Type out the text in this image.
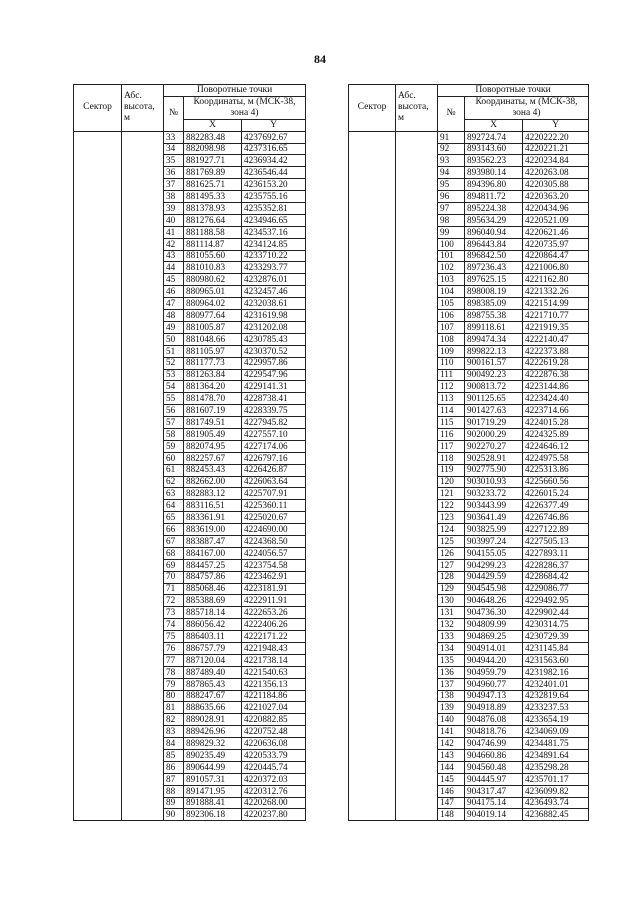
84
Сектор	Абс. высота, м	Поворотные точки		
		№	Координаты, м (МСК-38, зона 4)	
			X	Y
		33	882283.48	4237692.67
		34	882098.98	4237316.65
		35	881927.71	4236934.42
		36	881769.89	4236546.44
		37	881625.71	4236153.20
		38	881495.33	4235755.16
		39	881378.93	4235352.81
		40	881276.64	4234946.65
		41	881188.58	4234537.16
		42	881114.87	4234124.85
		43	881055.60	4233710.22
		44	881010.83	4233293.77
		45	880980.62	4232876.01
		46	880965.01	4232457.46
		47	880964.02	4232038.61
		48	880977.64	4231619.98
		49	881005.87	4231202.08
		50	881048.66	4230785.43
		51	881105.97	4230370.52
		52	881177.73	4229957.86
		53	881263.84	4229547.96
		54	881364.20	4229141.31
		55	881478.70	4228738.41
		56	881607.19	4228339.75
		57	881749.51	4227945.82
		58	881905.49	4227557.10
		59	882074.95	4227174.06
		60	882257.67	4226797.16
		61	882453.43	4226426.87
		62	882662.00	4226063.64
		63	882883.12	4225707.91
		64	883116.51	4225360.11
		65	883361.91	4225020.67
		66	883619.00	4224690.00
		67	883887.47	4224368.50
		68	884167.00	4224056.57
		69	884457.25	4223754.58
		70	884757.86	4223462.91
		71	885068.46	4223181.91
		72	885388.69	4222911.91
		73	885718.14	4222653.26
		74	886056.42	4222406.26
		75	886403.11	4222171.22
		76	886757.79	4221948.43
		77	887120.04	4221738.14
		78	887489.40	4221540.63
		79	887865.43	4221356.13
		80	888247.67	4221184.86
		81	888635.66	4221027.04
		82	889028.91	4220882.85
		83	889426.96	4220752.48
		84	889829.32	4220636.08
		85	890235.49	4220533.79
		86	890644.99	4220445.74
		87	891057.31	4220372.03
		88	891471.95	4220312.76
		89	891888.41	4220268.00
		90	892306.18	4220237.80
Сектор	Абс. высота, м	Поворотные точки		
		№	Координаты, м (МСК-38, зона 4)	
			X	Y
		91	892724.74	4220222.20
		92	893143.60	4220221.21
		93	893562.23	4220234.84
		94	893980.14	4220263.08
		95	894396.80	4220305.88
		96	894811.72	4220363.20
		97	895224.38	4220434.96
		98	895634.29	4220521.09
		99	896040.94	4220621.46
		100	896443.84	4220735.97
		101	896842.50	4220864.47
		102	897236.43	4221006.80
		103	897625.15	4221162.80
		104	898008.19	4221332.26
		105	898385.09	4221514.99
		106	898755.38	4221710.77
		107	899118.61	4221919.35
		108	899474.34	4222140.47
		109	899822.13	4222373.88
		110	900161.57	4222619.28
		111	900492.23	4222876.38
		112	900813.72	4223144.86
		113	901125.65	4223424.40
		114	901427.63	4223714.66
		115	901719.29	4224015.28
		116	902000.29	4224325.89
		117	902270.27	4224646.12
		118	902528.91	4224975.58
		119	902775.90	4225313.86
		120	903010.93	4225660.56
		121	903233.72	4226015.24
		122	903443.99	4226377.49
		123	903641.49	4226746.86
		124	903825.99	4227122.89
		125	903997.24	4227505.13
		126	904155.05	4227893.11
		127	904299.23	4228286.37
		128	904429.59	4228684.42
		129	904545.98	4229086.77
		130	904648.26	4229492.95
		131	904736.30	4229902.44
		132	904809.99	4230314.75
		133	904869.25	4230729.39
		134	904914.01	4231145.84
		135	904944.20	4231563.60
		136	904959.79	4231982.16
		137	904960.77	4232401.01
		138	904947.13	4232819.64
		139	904918.89	4233237.53
		140	904876.08	4233654.19
		141	904818.76	4234069.09
		142	904746.99	4234481.75
		143	904660.86	4234891.64
		144	904560.48	4235298.28
		145	904445.97	4235701.17
		146	904317.47	4236099.82
		147	904175.14	4236493.74
		148	904019.14	4236882.45
